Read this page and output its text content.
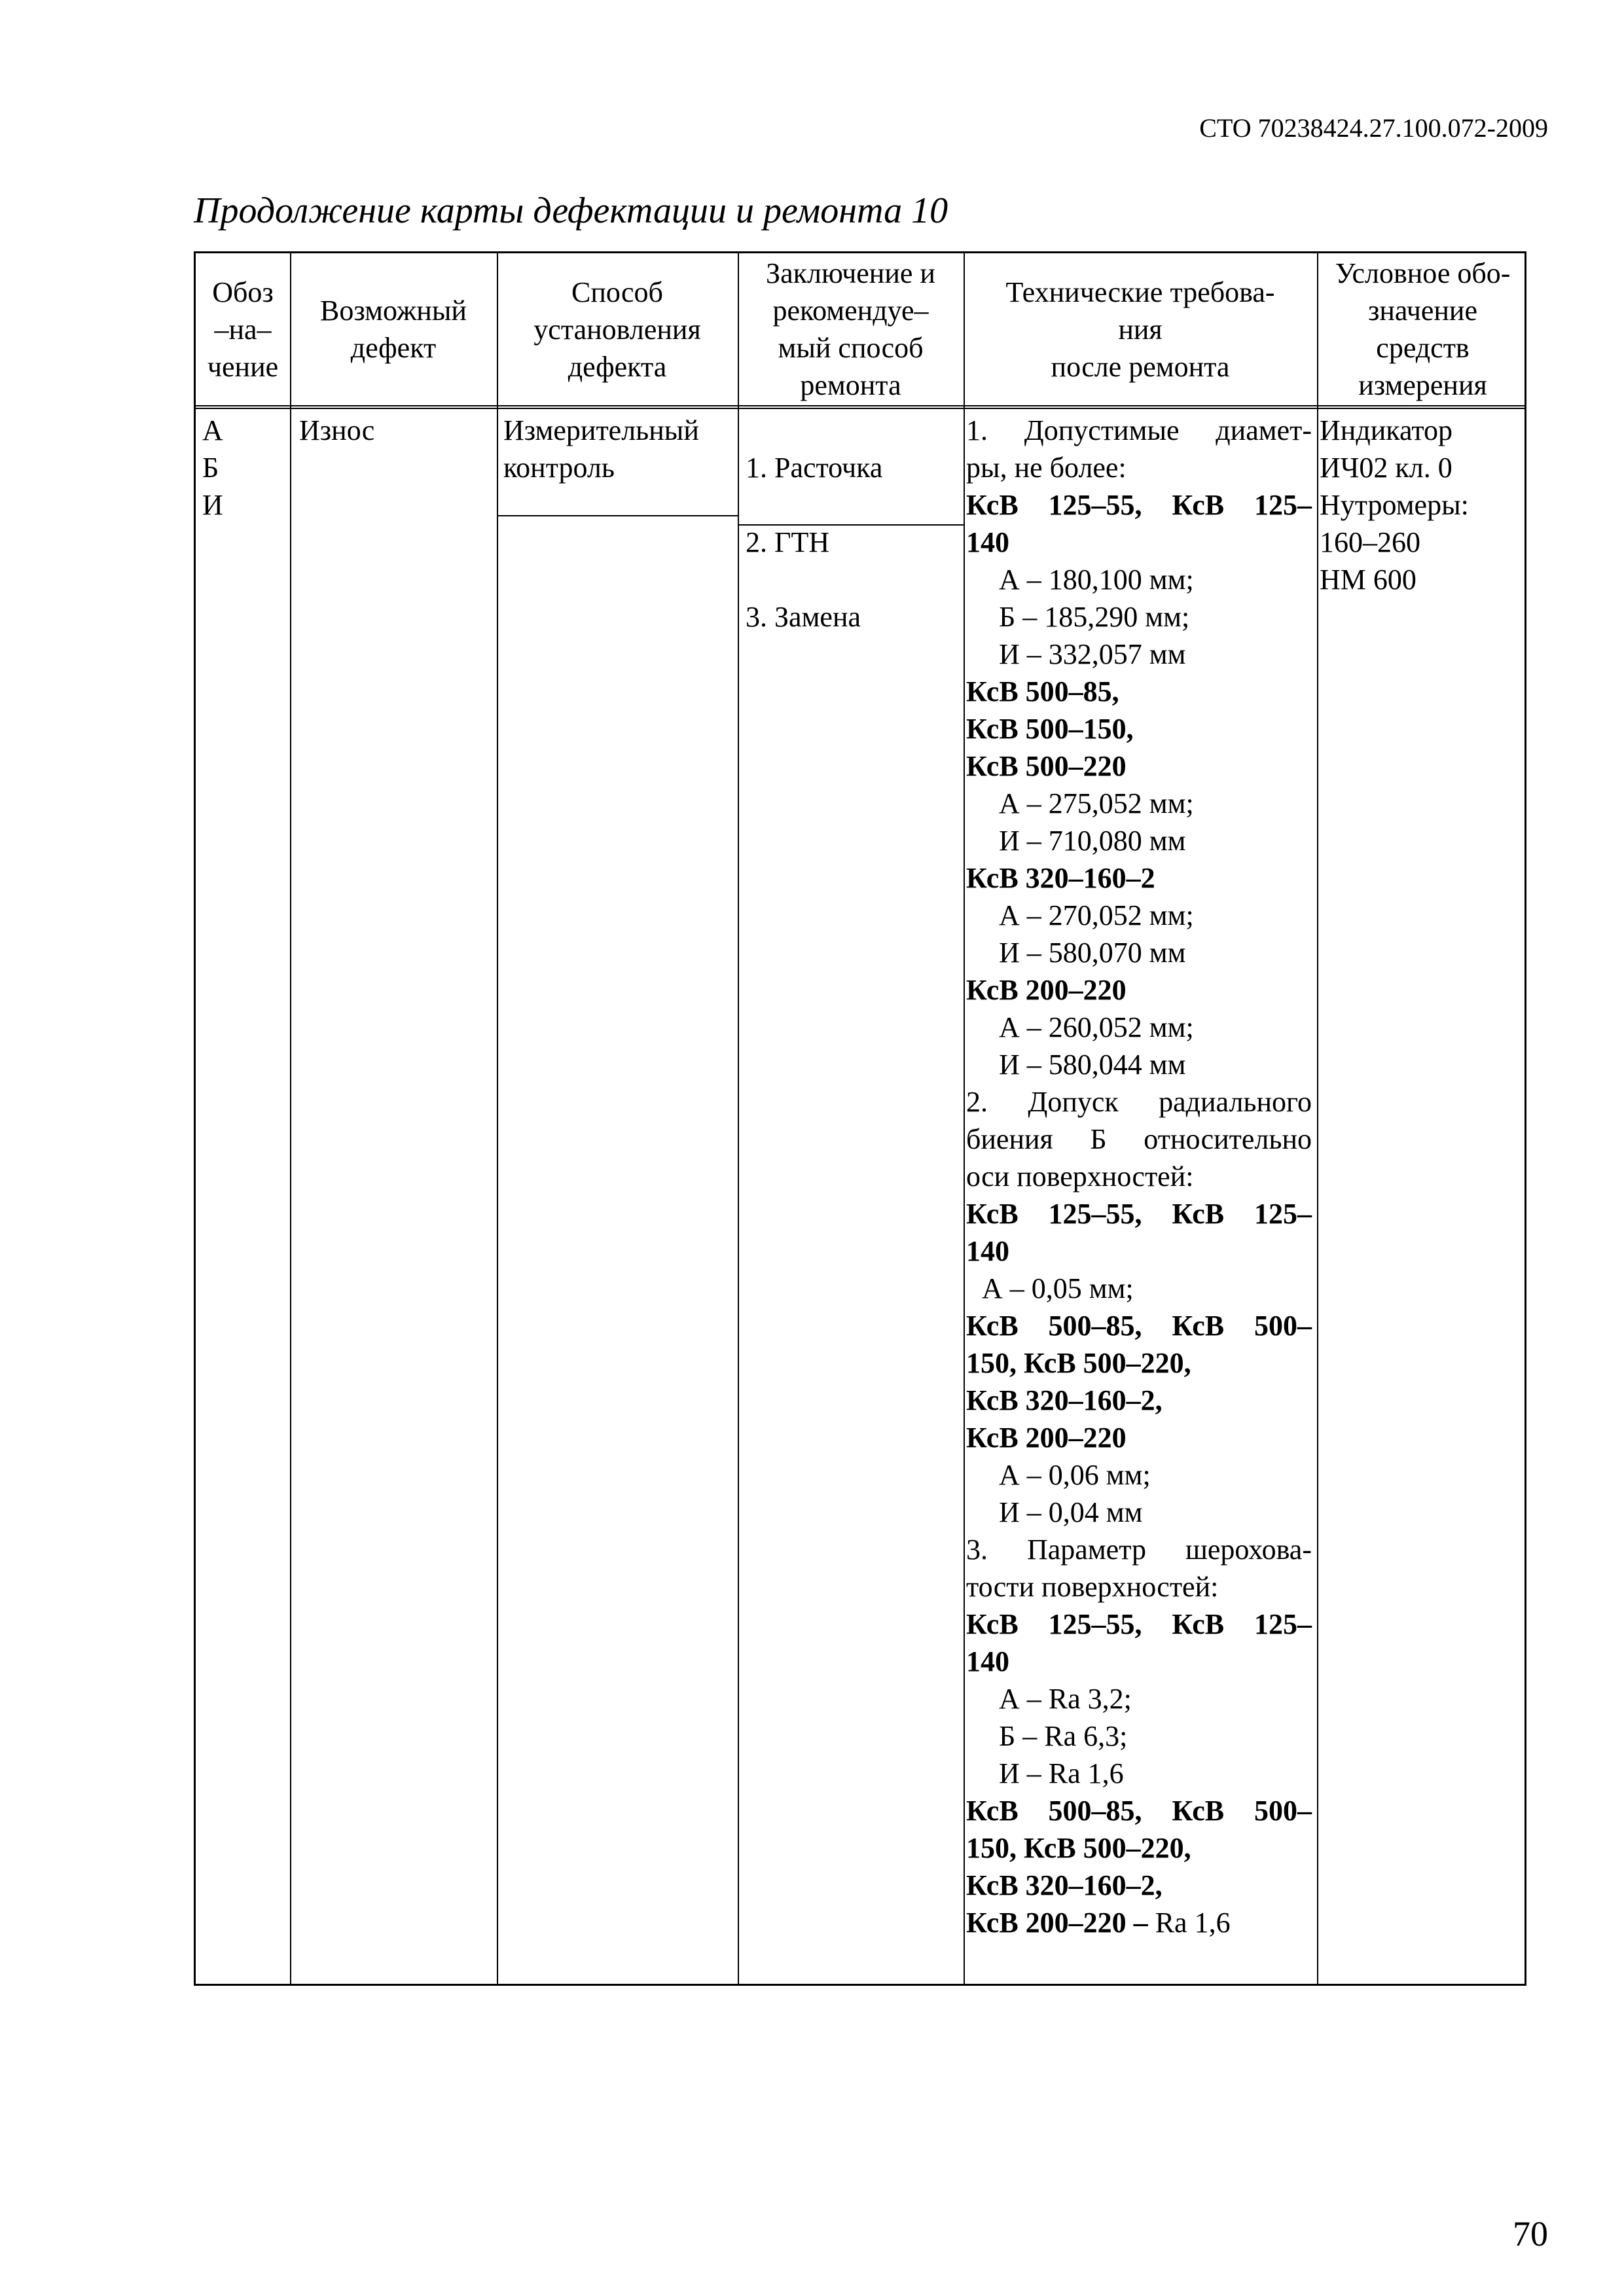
СТО 70238424.27.100.072-2009
Продолжение карты дефектации и ремонта 10
Обоз
–на–
чение
Возможный
дефект
Способ
установления
дефекта
Заключение и
рекомендуе–
мый способ
ремонта
Технические требова-
ния
после ремонта
Условное обо-
значение
средств
измерения
А
Б
И
Износ	Измерительный
контроль	1. Расточка

2. ГТН

3. Замена

1. Допустимые диамет-
ры, не более:
КсВ 125–55, КсВ 125–
140
А – 180,100 мм;
Б – 185,290 мм;
И – 332,057 мм
КсВ 500–85,
КсВ 500–150,
КсВ 500–220
А – 275,052 мм;
И – 710,080 мм
КсВ 320–160–2
А – 270,052 мм;
И – 580,070 мм
КсВ 200–220
А – 260,052 мм;
И – 580,044 мм
2. Допуск радиального
биения Б относительно
оси поверхностей:
КсВ 125–55, КсВ 125–
140
А – 0,05 мм;
КсВ 500–85, КсВ 500–
150, КсВ 500–220,
КсВ 320–160–2,
КсВ 200–220
А – 0,06 мм;
И – 0,04 мм
3. Параметр шерохова-
тости поверхностей:
КсВ 125–55, КсВ 125–
140
А – Ra 3,2;
Б – Ra 6,3;
И – Ra 1,6
КсВ 500–85, КсВ 500–
150, КсВ 500–220,
КсВ 320–160–2,
КсВ 200–220 – Ra 1,6
Индикатор
ИЧ02 кл. 0
Нутромеры:
160–260
НМ 600
70
